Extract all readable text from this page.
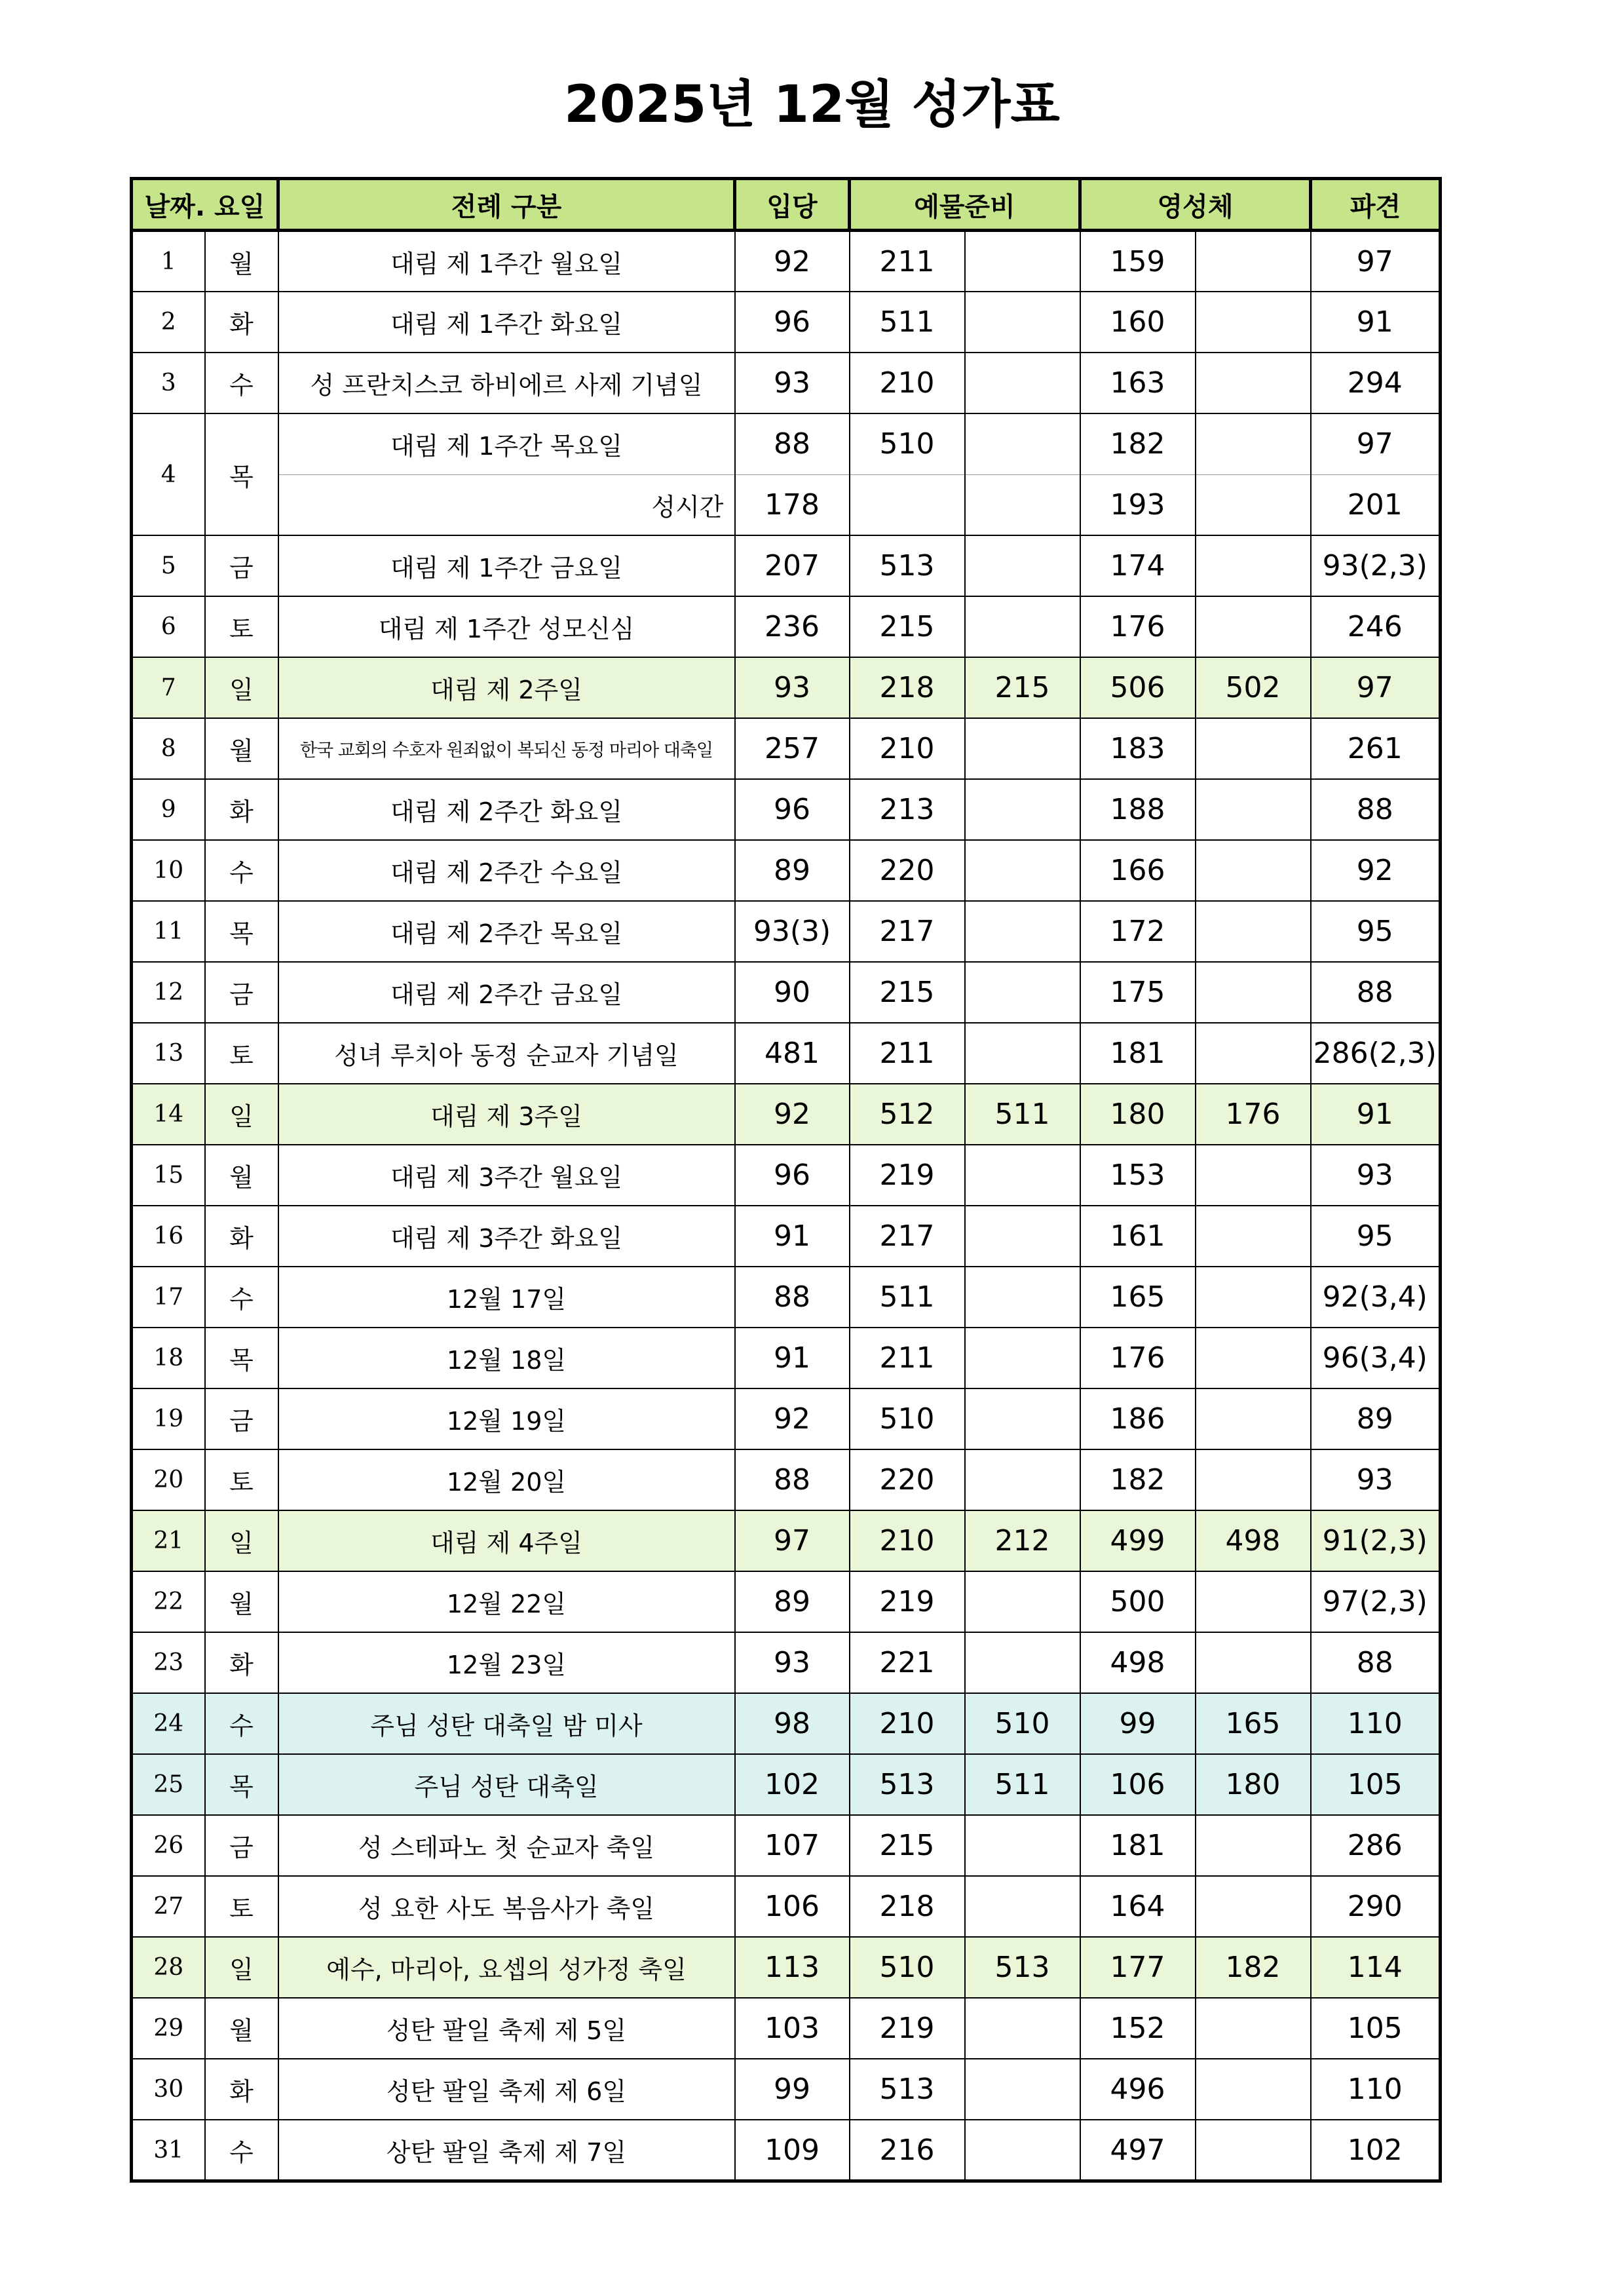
2025년 12월 성가표
날짜. 요일		전례 구분	입당	예물준비		영성체		파견
1	월	대림 제 1주간 월요일	92	211		159		97
2	화	대림 제 1주간 화요일	96	511		160		91
3	수	성 프란치스코 하비에르 사제 기념일	93	210		163		294
4	목	대림 제 1주간 목요일	88	510		182		97
		성시간	178			193		201
5	금	대림 제 1주간 금요일	207	513		174		93(2,3)
6	토	대림 제 1주간 성모신심	236	215		176		246
7	일	대림 제 2주일	93	218	215	506	502	97
8	월	한국 교회의 수호자 원죄없이 복되신 동정 마리아 대축일	257	210		183		261
9	화	대림 제 2주간 화요일	96	213		188		88
10	수	대림 제 2주간 수요일	89	220		166		92
11	목	대림 제 2주간 목요일	93(3)	217		172		95
12	금	대림 제 2주간 금요일	90	215		175		88
13	토	성녀 루치아 동정 순교자 기념일	481	211		181		286(2,3)
14	일	대림 제 3주일	92	512	511	180	176	91
15	월	대림 제 3주간 월요일	96	219		153		93
16	화	대림 제 3주간 화요일	91	217		161		95
17	수	12월 17일	88	511		165		92(3,4)
18	목	12월 18일	91	211		176		96(3,4)
19	금	12월 19일	92	510		186		89
20	토	12월 20일	88	220		182		93
21	일	대림 제 4주일	97	210	212	499	498	91(2,3)
22	월	12월 22일	89	219		500		97(2,3)
23	화	12월 23일	93	221		498		88
24	수	주님 성탄 대축일 밤 미사	98	210	510	99	165	110
25	목	주님 성탄 대축일	102	513	511	106	180	105
26	금	성 스테파노 첫 순교자 축일	107	215		181		286
27	토	성 요한 사도 복음사가 축일	106	218		164		290
28	일	예수, 마리아, 요셉의 성가정 축일	113	510	513	177	182	114
29	월	성탄 팔일 축제 제 5일	103	219		152		105
30	화	성탄 팔일 축제 제 6일	99	513		496		110
31	수	상탄 팔일 축제 제 7일	109	216		497		102
